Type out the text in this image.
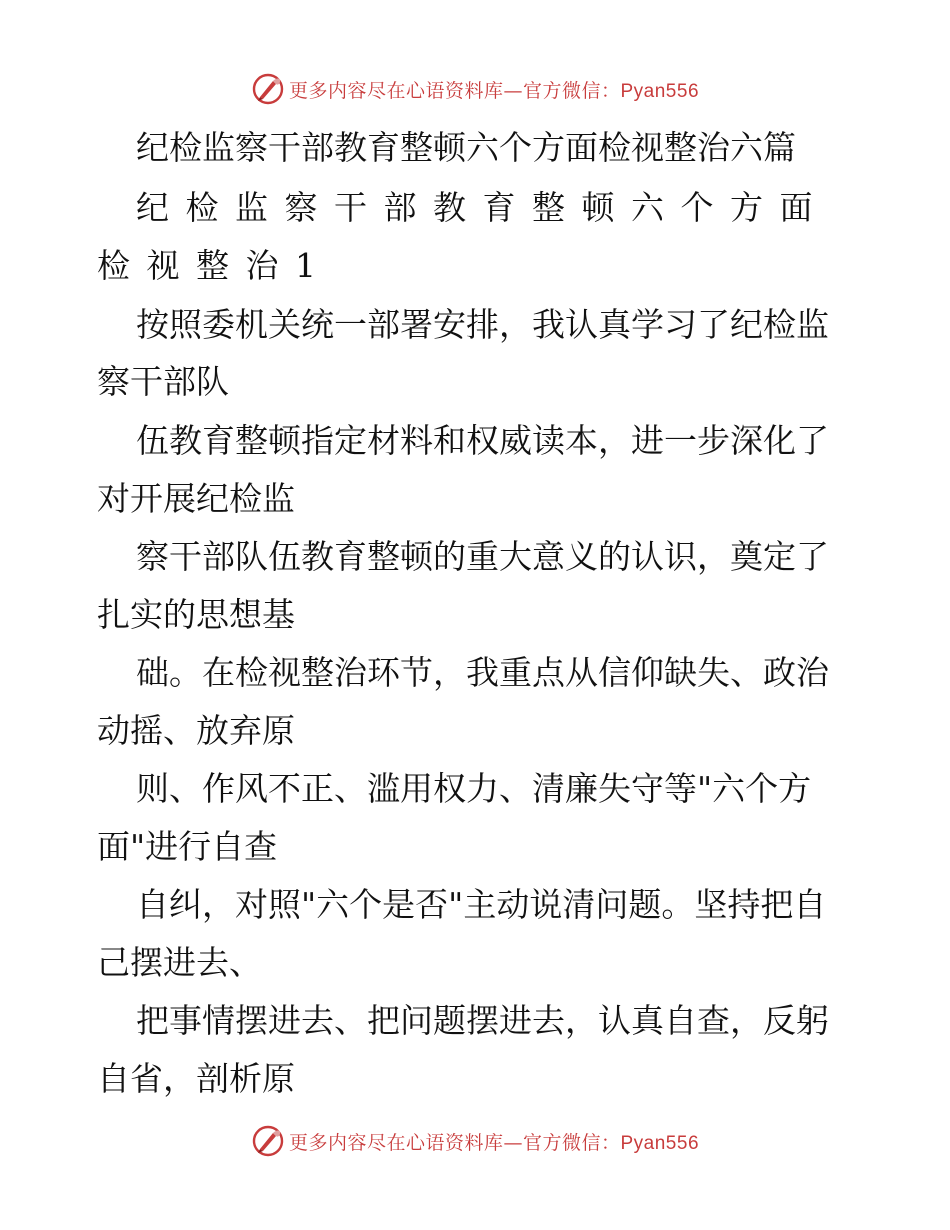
更多内容尽在心语资料库—官方微信：Pyan556
纪检监察干部教育整顿六个方面检视整治六篇
纪检监察干部教育整顿六个方面
检视整治1
按照委机关统一部署安排，我认真学习了纪检监
察干部队
伍教育整顿指定材料和权威读本，进一步深化了
对开展纪检监
察干部队伍教育整顿的重大意义的认识，奠定了
扎实的思想基
础。在检视整治环节，我重点从信仰缺失、政治
动摇、放弃原
则、作风不正、滥用权力、清廉失守等"六个方
面"进行自查
自纠，对照"六个是否"主动说清问题。坚持把自
己摆进去、
把事情摆进去、把问题摆进去，认真自查，反躬
自省，剖析原
更多内容尽在心语资料库—官方微信：Pyan556
